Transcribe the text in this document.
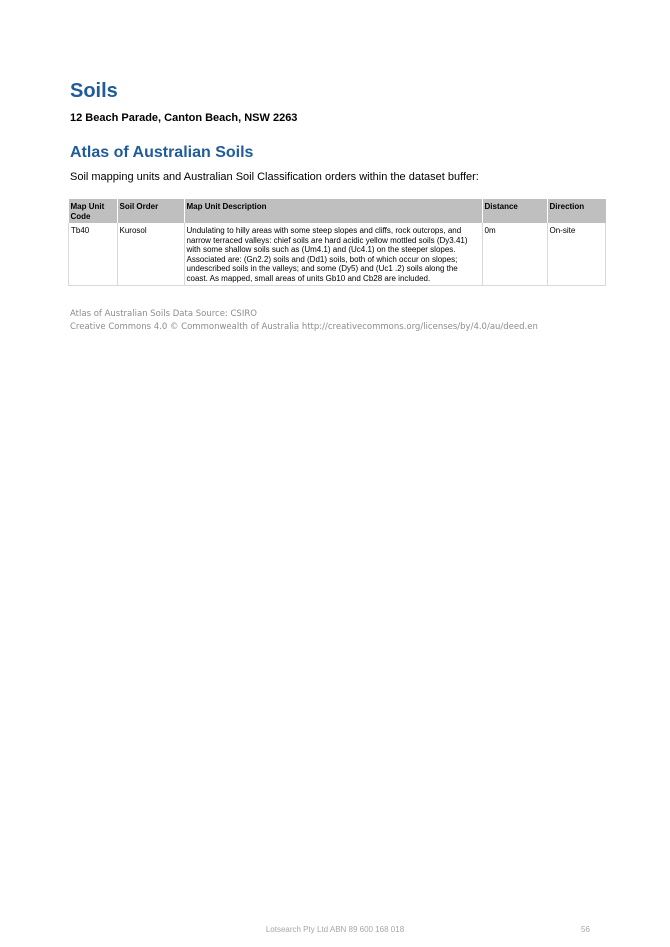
Soils
12 Beach Parade, Canton Beach, NSW 2263
Atlas of Australian Soils

Soil mapping units and Australian Soil Classification orders within the dataset buffer:

Map Unit Code	Soil Order	Map Unit Description	Distance	Direction
Tb40	Kurosol	Undulating to hilly areas with some steep slopes and cliffs, rock outcrops, and narrow terraced valleys: chief soils are hard acidic yellow mottled soils (Dy3.41) with some shallow soils such as (Um4.1) and (Uc4.1) on the steeper slopes. Associated are: (Gn2.2) soils and (Dd1) soils, both of which occur on slopes; undescribed soils in the valleys; and some (Dy5) and (Uc1 .2) soils along the coast. As mapped, small areas of units Gb10 and Cb28 are included.	0m	On-site
Atlas of Australian Soils Data Source: CSIRO
Creative Commons 4.0 © Commonwealth of Australia http://creativecommons.org/licenses/by/4.0/au/deed.en
Lotsearch Pty Ltd ABN 89 600 168 018	56
